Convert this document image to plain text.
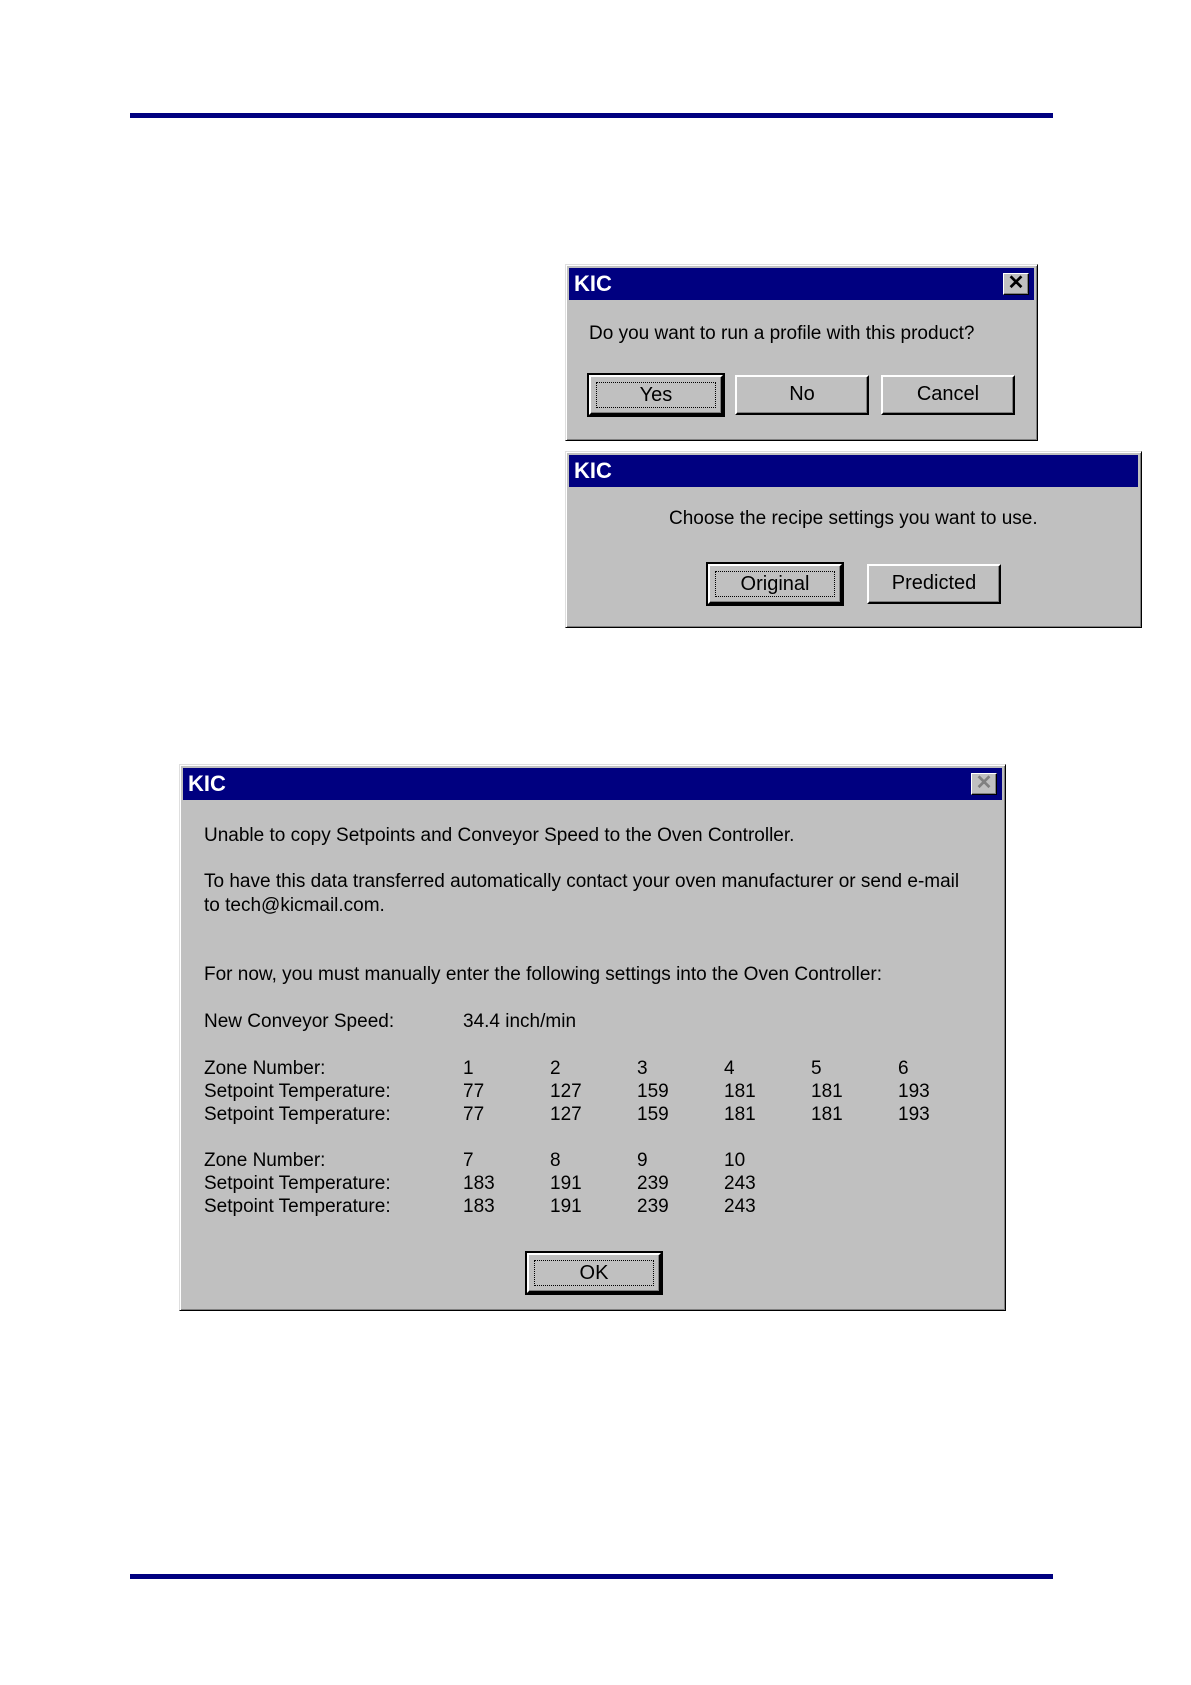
KIC	✕
Do you want to run a profile with this product?
Yes	No	Cancel
KIC
Choose the recipe settings you want to use.
Original	Predicted
KIC	✕
Unable to copy Setpoints and Conveyor Speed to the Oven Controller.
To have this data transferred automatically contact your oven manufacturer or send e-mail
to tech@kicmail.com.
For now, you must manually enter the following settings into the Oven Controller:
New Conveyor Speed:	34.4 inch/min
Zone Number:	1	2	3	4	5	6
Setpoint Temperature:	77	127	159	181	181	193
Setpoint Temperature:	77	127	159	181	181	193
Zone Number:	7	8	9	10
Setpoint Temperature:	183	191	239	243
Setpoint Temperature:	183	191	239	243
OK
